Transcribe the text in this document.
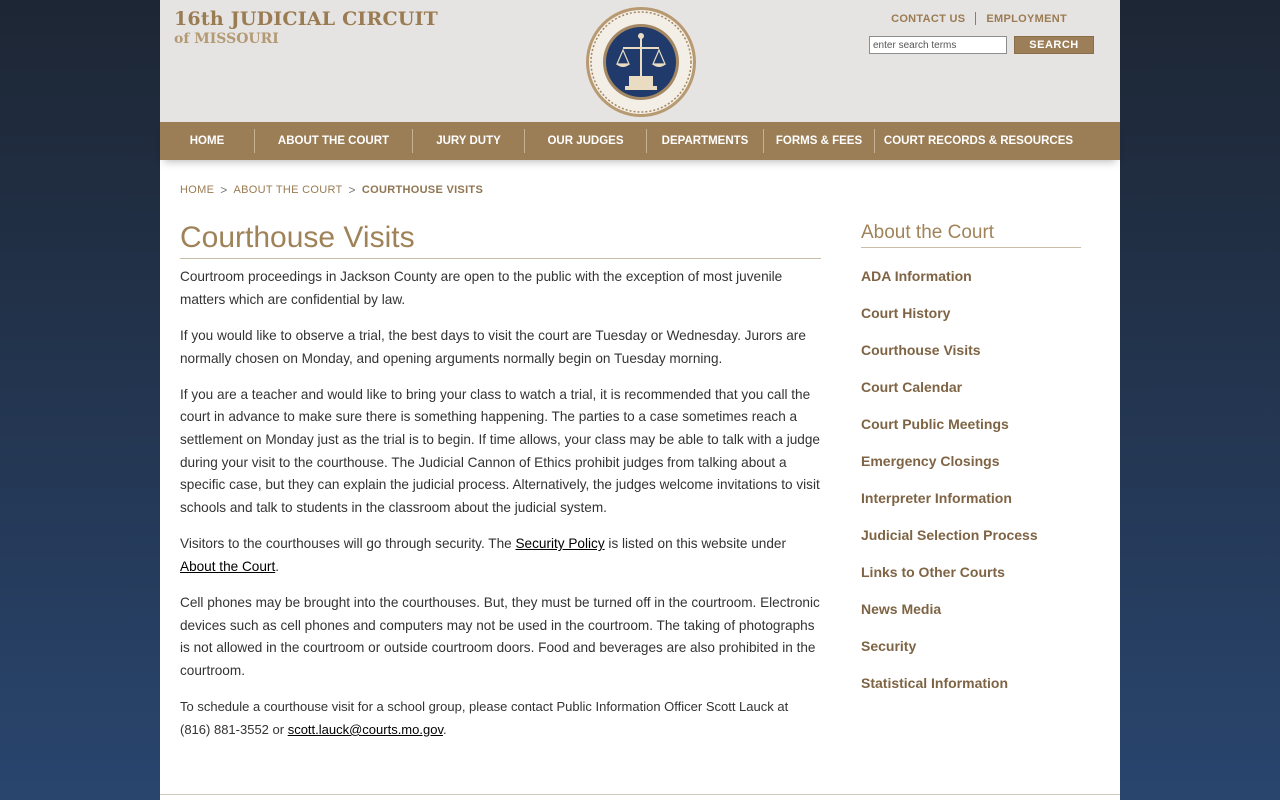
16th JUDICIAL CIRCUIT
of MISSOURI
CONTACT US EMPLOYMENT
enter search terms
SEARCH
HOME	ABOUT THE COURT	JURY DUTY	OUR JUDGES	DEPARTMENTS	FORMS & FEES	COURT RECORDS & RESOURCES
HOME > ABOUT THE COURT > COURTHOUSE VISITS
Courthouse Visits

Courtroom proceedings in Jackson County are open to the public with the exception of most juvenile matters which are confidential by law.

If you would like to observe a trial, the best days to visit the court are Tuesday or Wednesday. Jurors are normally chosen on Monday, and opening arguments normally begin on Tuesday morning.

If you are a teacher and would like to bring your class to watch a trial, it is recommended that you call the court in advance to make sure there is something happening. The parties to a case sometimes reach a settlement on Monday just as the trial is to begin. If time allows, your class may be able to talk with a judge during your visit to the courthouse. The Judicial Cannon of Ethics prohibit judges from talking about a specific case, but they can explain the judicial process. Alternatively, the judges welcome invitations to visit schools and talk to students in the classroom about the judicial system.

Visitors to the courthouses will go through security. The Security Policy is listed on this website under About the Court.

Cell phones may be brought into the courthouses. But, they must be turned off in the courtroom. Electronic devices such as cell phones and computers may not be used in the courtroom. The taking of photographs is not allowed in the courtroom or outside courtroom doors. Food and beverages are also prohibited in the courtroom.

To schedule a courthouse visit for a school group, please contact Public Information Officer Scott Lauck at (816) 881-3552 or scott.lauck@courts.mo.gov.

About the Court
ADA Information
Court History
Courthouse Visits
Court Calendar
Court Public Meetings
Emergency Closings
Interpreter Information
Judicial Selection Process
Links to Other Courts
News Media
Security
Statistical Information
